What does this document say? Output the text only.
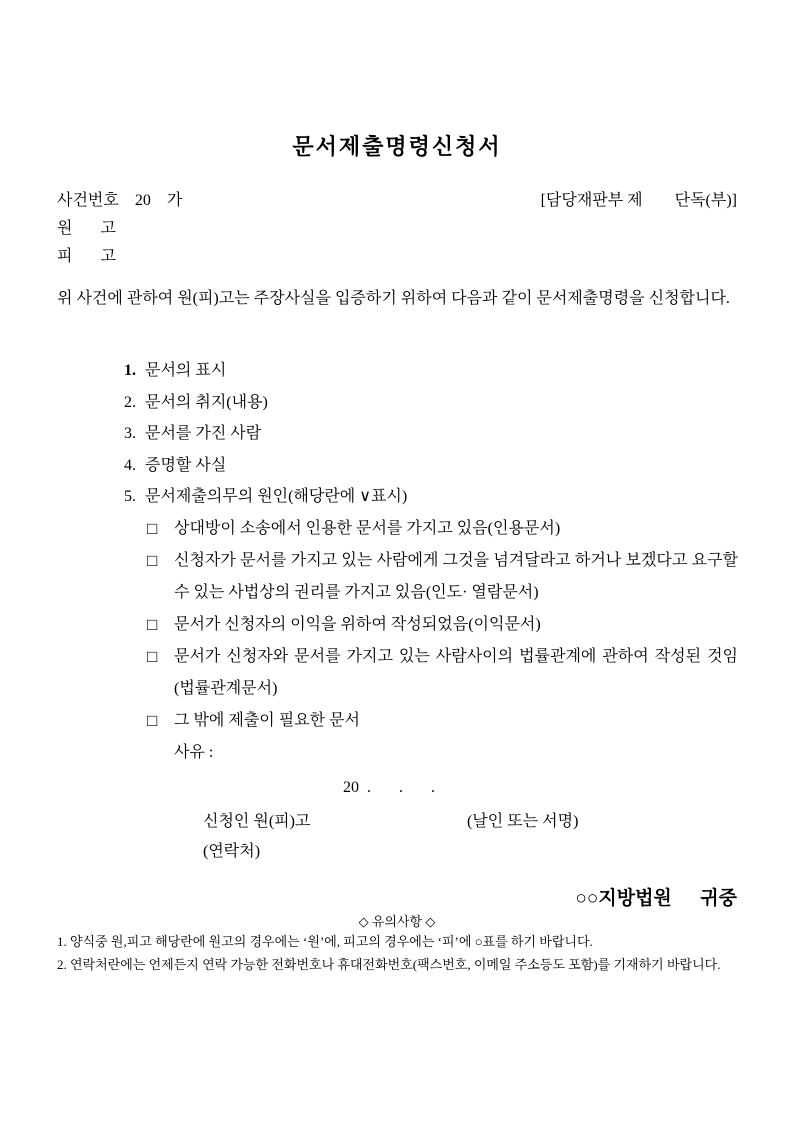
문서제출명령신청서
사건번호    20    가	[담당재판부 제        단독(부)]
원       고
피       고

위 사건에 관하여 원(피)고는 주장사실을 입증하기 위하여 다음과 같이 문서제출명령을 신청합니다.

1. 문서의 표시
2. 문서의 취지(내용)
3. 문서를 가진 사람
4. 증명할 사실
5. 문서제출의무의 원인(해당란에 ∨표시)
□	상대방이 소송에서 인용한 문서를 가지고 있음(인용문서)
□	신청자가 문서를 가지고 있는 사람에게 그것을 넘겨달라고 하거나 보겠다고 요구할 수 있는 사법상의 권리를 가지고 있음(인도· 열람문서)
□	문서가 신청자의 이익을 위하여 작성되었음(이익문서)
□	문서가 신청자와 문서를 가지고 있는 사람사이의 법률관계에 관하여 작성된 것임(법률관계문서)
□	그 밖에 제출이 필요한 문서
사유 :
20  .       .       .
신청인 원(피)고	(날인 또는 서명)
(연락처)
○○지방법원      귀중
◇ 유의사항 ◇

1. 양식중 원,피고 해당란에 원고의 경우에는 ‘원’에, 피고의 경우에는 ‘피’에 ○표를 하기 바랍니다.

2. 연락처란에는 언제든지 연락 가능한 전화번호나 휴대전화번호(팩스번호, 이메일 주소등도 포함)를 기재하기 바랍니다.
